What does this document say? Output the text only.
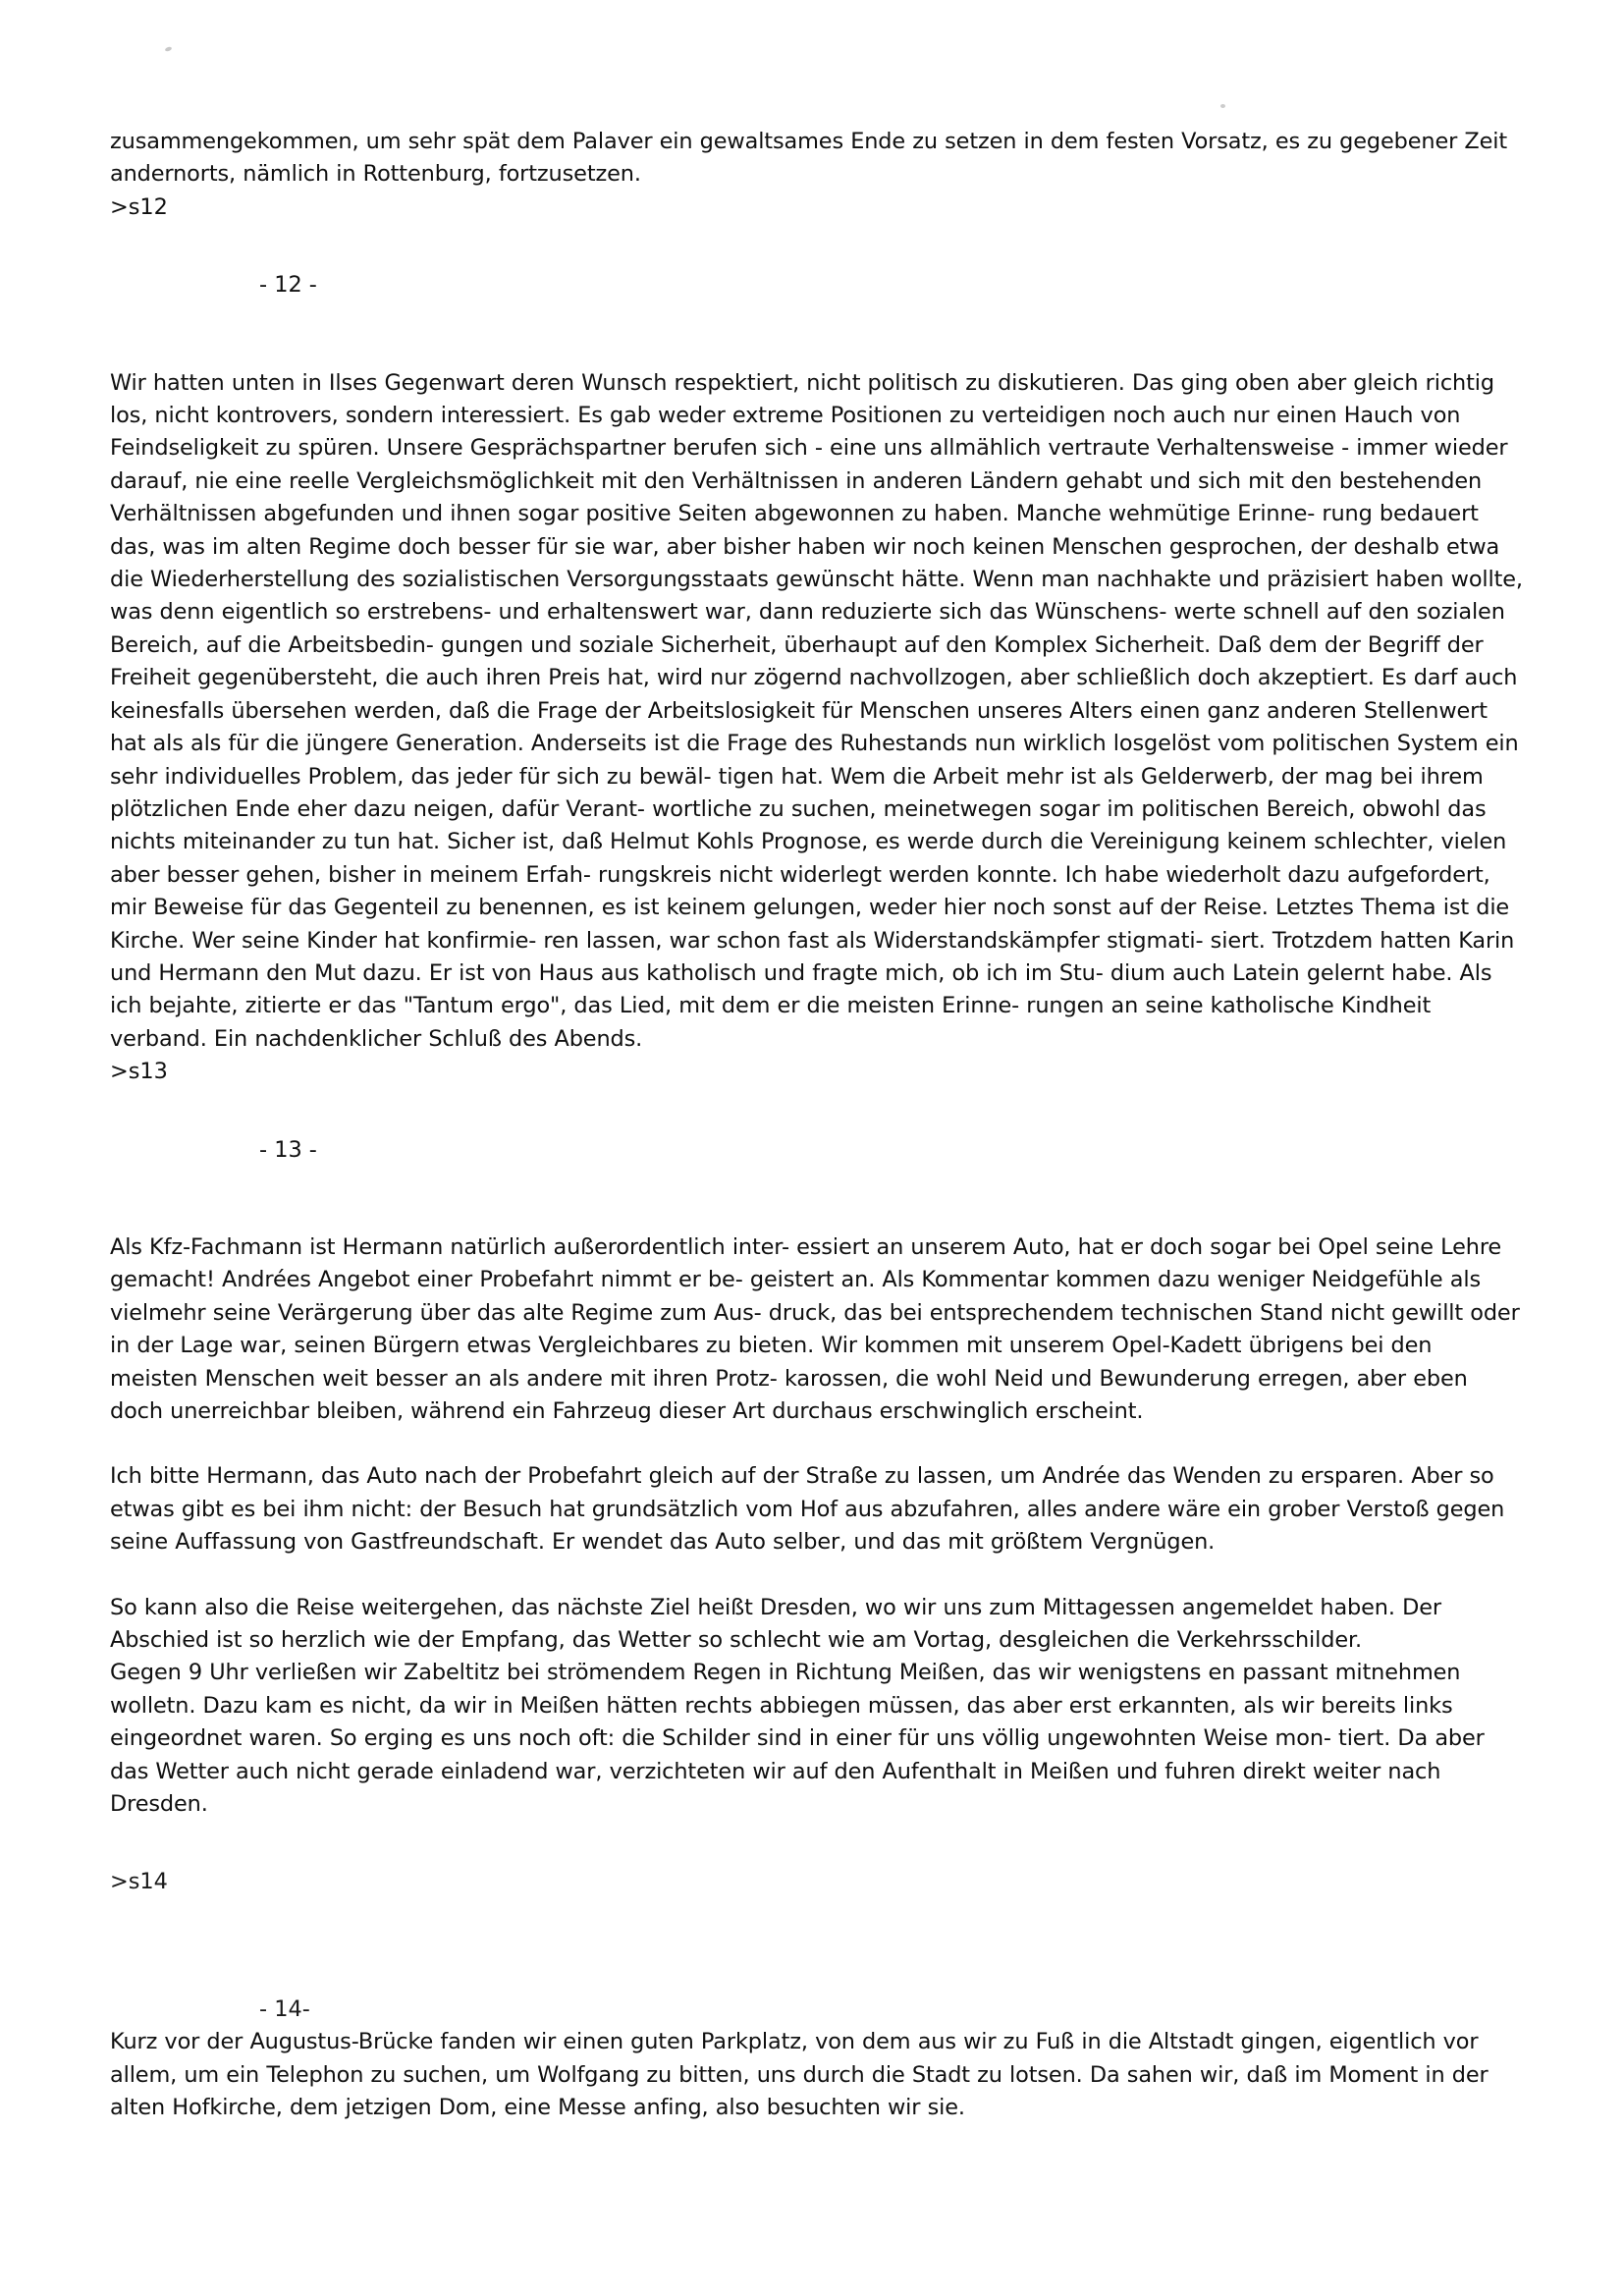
zusammengekommen, um sehr spät dem Palaver ein gewaltsames Ende zu setzen in dem festen Vorsatz, es zu gegebener Zeit andernorts, nämlich in Rottenburg, fortzusetzen.

>s12

- 12 -

Wir hatten unten in Ilses Gegenwart deren Wunsch respektiert, nicht politisch zu diskutieren. Das ging oben aber gleich richtig los, nicht kontrovers, sondern interessiert. Es gab weder extreme Positionen zu verteidigen noch auch nur einen Hauch von Feindseligkeit zu spüren. Unsere Gesprächspartner berufen sich - eine uns allmählich vertraute Verhaltensweise - immer wieder darauf, nie eine reelle Vergleichsmöglichkeit mit den Verhältnissen in anderen Ländern gehabt und sich mit den bestehenden Verhältnissen abgefunden und ihnen sogar positive Seiten abgewonnen zu haben. Manche wehmütige Erinne- rung bedauert das, was im alten Regime doch besser für sie war, aber bisher haben wir noch keinen Menschen gesprochen, der deshalb etwa die Wiederherstellung des sozialistischen Versorgungsstaats gewünscht hätte. Wenn man nachhakte und präzisiert haben wollte, was denn eigentlich so erstrebens- und erhaltenswert war, dann reduzierte sich das Wünschens- werte schnell auf den sozialen Bereich, auf die Arbeitsbedin- gungen und soziale Sicherheit, überhaupt auf den Komplex Sicherheit. Daß dem der Begriff der Freiheit gegenübersteht, die auch ihren Preis hat, wird nur zögernd nachvollzogen, aber schließlich doch akzeptiert. Es darf auch keinesfalls übersehen werden, daß die Frage der Arbeitslosigkeit für Menschen unseres Alters einen ganz anderen Stellenwert hat als als für die jüngere Generation. Anderseits ist die Frage des Ruhestands nun wirklich losgelöst vom politischen System ein sehr individuelles Problem, das jeder für sich zu bewäl- tigen hat. Wem die Arbeit mehr ist als Gelderwerb, der mag bei ihrem plötzlichen Ende eher dazu neigen, dafür Verant- wortliche zu suchen, meinetwegen sogar im politischen Bereich, obwohl das nichts miteinander zu tun hat. Sicher ist, daß Helmut Kohls Prognose, es werde durch die Vereinigung keinem schlechter, vielen aber besser gehen, bisher in meinem Erfah- rungskreis nicht widerlegt werden konnte. Ich habe wiederholt dazu aufgefordert, mir Beweise für das Gegenteil zu benennen, es ist keinem gelungen, weder hier noch sonst auf der Reise. Letztes Thema ist die Kirche. Wer seine Kinder hat konfirmie- ren lassen, war schon fast als Widerstandskämpfer stigmati- siert. Trotzdem hatten Karin und Hermann den Mut dazu. Er ist von Haus aus katholisch und fragte mich, ob ich im Stu- dium auch Latein gelernt habe. Als ich bejahte, zitierte er das "Tantum ergo", das Lied, mit dem er die meisten Erinne- rungen an seine katholische Kindheit verband. Ein nachdenklicher Schluß des Abends.

>s13

- 13 -

Als Kfz-Fachmann ist Hermann natürlich außerordentlich inter- essiert an unserem Auto, hat er doch sogar bei Opel seine Lehre gemacht! Andrées Angebot einer Probefahrt nimmt er be- geistert an. Als Kommentar kommen dazu weniger Neidgefühle als vielmehr seine Verärgerung über das alte Regime zum Aus- druck, das bei entsprechendem technischen Stand nicht gewillt oder in der Lage war, seinen Bürgern etwas Vergleichbares zu bieten. Wir kommen mit unserem Opel-Kadett übrigens bei den meisten Menschen weit besser an als andere mit ihren Protz- karossen, die wohl Neid und Bewunderung erregen, aber eben doch unerreichbar bleiben, während ein Fahrzeug dieser Art durchaus erschwinglich erscheint.

Ich bitte Hermann, das Auto nach der Probefahrt gleich auf der Straße zu lassen, um Andrée das Wenden zu ersparen. Aber so etwas gibt es bei ihm nicht: der Besuch hat grundsätzlich vom Hof aus abzufahren, alles andere wäre ein grober Verstoß gegen seine Auffassung von Gastfreundschaft. Er wendet das Auto selber, und das mit größtem Vergnügen.

So kann also die Reise weitergehen, das nächste Ziel heißt Dresden, wo wir uns zum Mittagessen angemeldet haben. Der Abschied ist so herzlich wie der Empfang, das Wetter so schlecht wie am Vortag, desgleichen die Verkehrsschilder.

Gegen 9 Uhr verließen wir Zabeltitz bei strömendem Regen in Richtung Meißen, das wir wenigstens en passant mitnehmen wolletn. Dazu kam es nicht, da wir in Meißen hätten rechts abbiegen müssen, das aber erst erkannten, als wir bereits links eingeordnet waren. So erging es uns noch oft: die Schilder sind in einer für uns völlig ungewohnten Weise mon- tiert. Da aber das Wetter auch nicht gerade einladend war, verzichteten wir auf den Aufenthalt in Meißen und fuhren direkt weiter nach Dresden.

>s14

- 14-

Kurz vor der Augustus-Brücke fanden wir einen guten Parkplatz, von dem aus wir zu Fuß in die Altstadt gingen, eigentlich vor allem, um ein Telephon zu suchen, um Wolfgang zu bitten, uns durch die Stadt zu lotsen. Da sahen wir, daß im Moment in der alten Hofkirche, dem jetzigen Dom, eine Messe anfing, also besuchten wir sie.
